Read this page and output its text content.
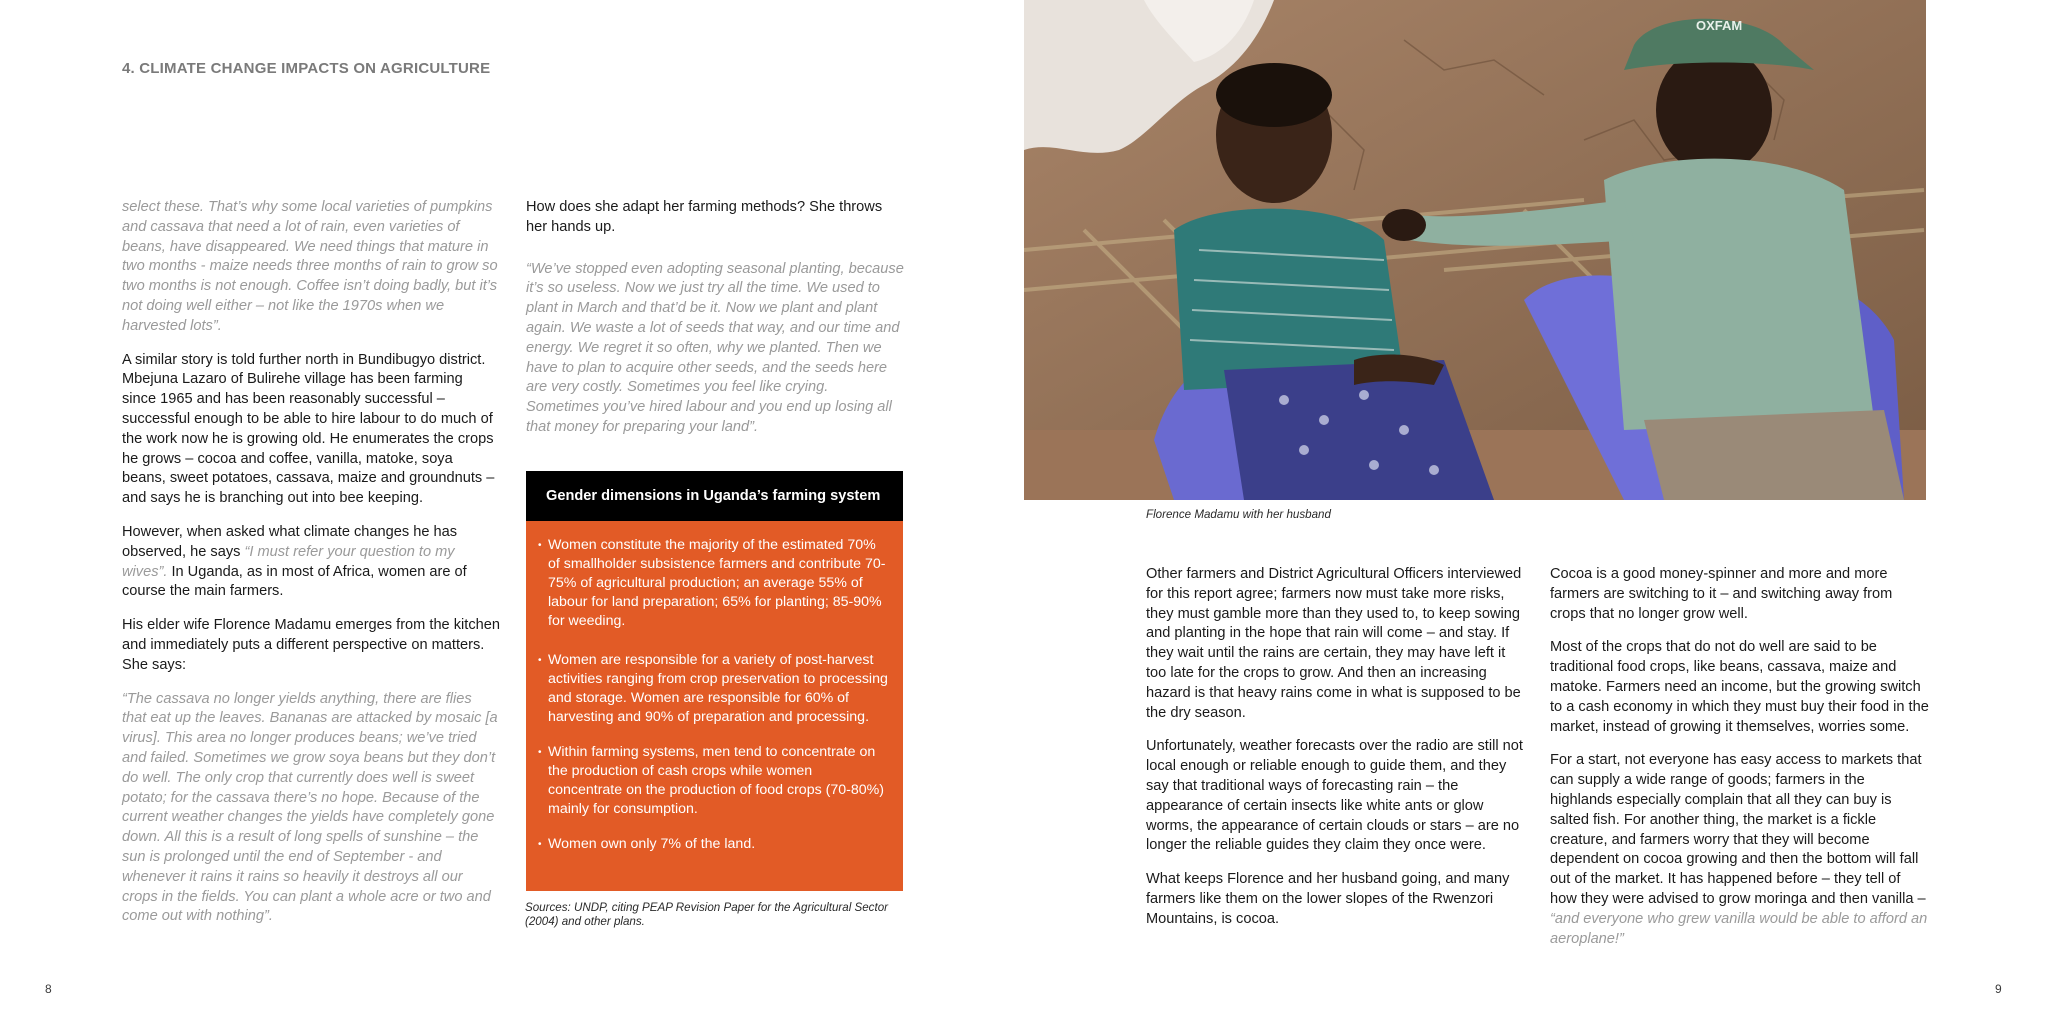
4. CLIMATE CHANGE IMPACTS ON AGRICULTURE

select these. That’s why some local varieties of pumpkins and cassava that need a lot of rain, even varieties of beans, have disappeared. We need things that mature in two months - maize needs three months of rain to grow so two months is not enough. Coffee isn’t doing badly, but it’s not doing well either – not like the 1970s when we harvested lots”.

A similar story is told further north in Bundibugyo district. Mbejuna Lazaro of Bulirehe village has been farming since 1965 and has been reasonably successful – successful enough to be able to hire labour to do much of the work now he is growing old. He enumerates the crops he grows – cocoa and coffee, vanilla, matoke, soya beans, sweet potatoes, cassava, maize and groundnuts – and says he is branching out into bee keeping.

However, when asked what climate changes he has observed, he says “I must refer your question to my wives”. In Uganda, as in most of Africa, women are of course the main farmers.

His elder wife Florence Madamu emerges from the kitchen and immediately puts a different perspective on matters. She says:

“The cassava no longer yields anything, there are flies that eat up the leaves. Bananas are attacked by mosaic [a virus]. This area no longer produces beans; we’ve tried and failed. Sometimes we grow soya beans but they don’t do well. The only crop that currently does well is sweet potato; for the cassava there’s no hope. Because of the current weather changes the yields have completely gone down. All this is a result of long spells of sunshine – the sun is prolonged until the end of September - and whenever it rains it rains so heavily it destroys all our crops in the fields. You can plant a whole acre or two and come out with nothing”.

How does she adapt her farming methods? She throws her hands up.

“We’ve stopped even adopting seasonal planting, because it’s so useless. Now we just try all the time. We used to plant in March and that’d be it. Now we plant and plant again. We waste a lot of seeds that way, and our time and energy. We regret it so often, why we planted. Then we have to plan to acquire other seeds, and the seeds here are very costly. Sometimes you feel like crying. Sometimes you’ve hired labour and you end up losing all that money for preparing your land”.

Gender dimensions in Uganda’s farming system
• Women constitute the majority of the estimated 70% of smallholder subsistence farmers and contribute 70-75% of agricultural production; an average 55% of labour for land preparation; 65% for planting; 85-90% for weeding.
• Women are responsible for a variety of post-harvest activities ranging from crop preservation to processing and storage. Women are responsible for 60% of harvesting and 90% of preparation and processing.
• Within farming systems, men tend to concentrate on the production of cash crops while women concentrate on the production of food crops (70-80%) mainly for consumption.
• Women own only 7% of the land.
Sources: UNDP, citing PEAP Revision Paper for the Agricultural Sector (2004) and other plans.
8
OXFAM
Florence Madamu with her husband

Other farmers and District Agricultural Officers interviewed for this report agree; farmers now must take more risks, they must gamble more than they used to, to keep sowing and planting in the hope that rain will come – and stay. If they wait until the rains are certain, they may have left it too late for the crops to grow. And then an increasing hazard is that heavy rains come in what is supposed to be the dry season.

Unfortunately, weather forecasts over the radio are still not local enough or reliable enough to guide them, and they say that traditional ways of forecasting rain – the appearance of certain insects like white ants or glow worms, the appearance of certain clouds or stars – are no longer the reliable guides they claim they once were.

What keeps Florence and her husband going, and many farmers like them on the lower slopes of the Rwenzori Mountains, is cocoa.

Cocoa is a good money-spinner and more and more farmers are switching to it – and switching away from crops that no longer grow well.

Most of the crops that do not do well are said to be traditional food crops, like beans, cassava, maize and matoke. Farmers need an income, but the growing switch to a cash economy in which they must buy their food in the market, instead of growing it themselves, worries some.

For a start, not everyone has easy access to markets that can supply a wide range of goods; farmers in the highlands especially complain that all they can buy is salted fish. For another thing, the market is a fickle creature, and farmers worry that they will become dependent on cocoa growing and then the bottom will fall out of the market. It has happened before – they tell of how they were advised to grow moringa and then vanilla – “and everyone who grew vanilla would be able to afford an aeroplane!”

9
